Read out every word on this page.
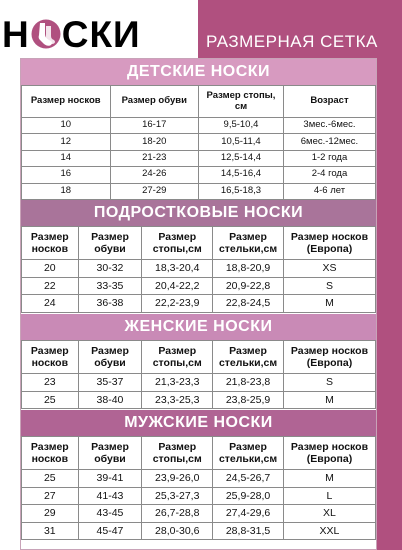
Н СКИ	РАЗМЕРНАЯ СЕТКА
ДЕТСКИЕ НОСКИ
Размер носков	Размер обуви	Размер стопы, см	Возраст
10	16-17	9,5-10,4	3мес.-6мес.
12	18-20	10,5-11,4	6мес.-12мес.
14	21-23	12,5-14,4	1-2 года
16	24-26	14,5-16,4	2-4 года
18	27-29	16,5-18,3	4-6 лет
ПОДРОСТКОВЫЕ НОСКИ
Размер носков	Размер обуви	Размер стопы,см	Размер стельки,см	Размер носков (Европа)
20	30-32	18,3-20,4	18,8-20,9	XS
22	33-35	20,4-22,2	20,9-22,8	S
24	36-38	22,2-23,9	22,8-24,5	M
ЖЕНСКИЕ НОСКИ
Размер носков	Размер обуви	Размер стопы,см	Размер стельки,см	Размер носков (Европа)
23	35-37	21,3-23,3	21,8-23,8	S
25	38-40	23,3-25,3	23,8-25,9	M
МУЖСКИЕ НОСКИ
Размер носков	Размер обуви	Размер стопы,см	Размер стельки,см	Размер носков (Европа)
25	39-41	23,9-26,0	24,5-26,7	M
27	41-43	25,3-27,3	25,9-28,0	L
29	43-45	26,7-28,8	27,4-29,6	XL
31	45-47	28,0-30,6	28,8-31,5	XXL
